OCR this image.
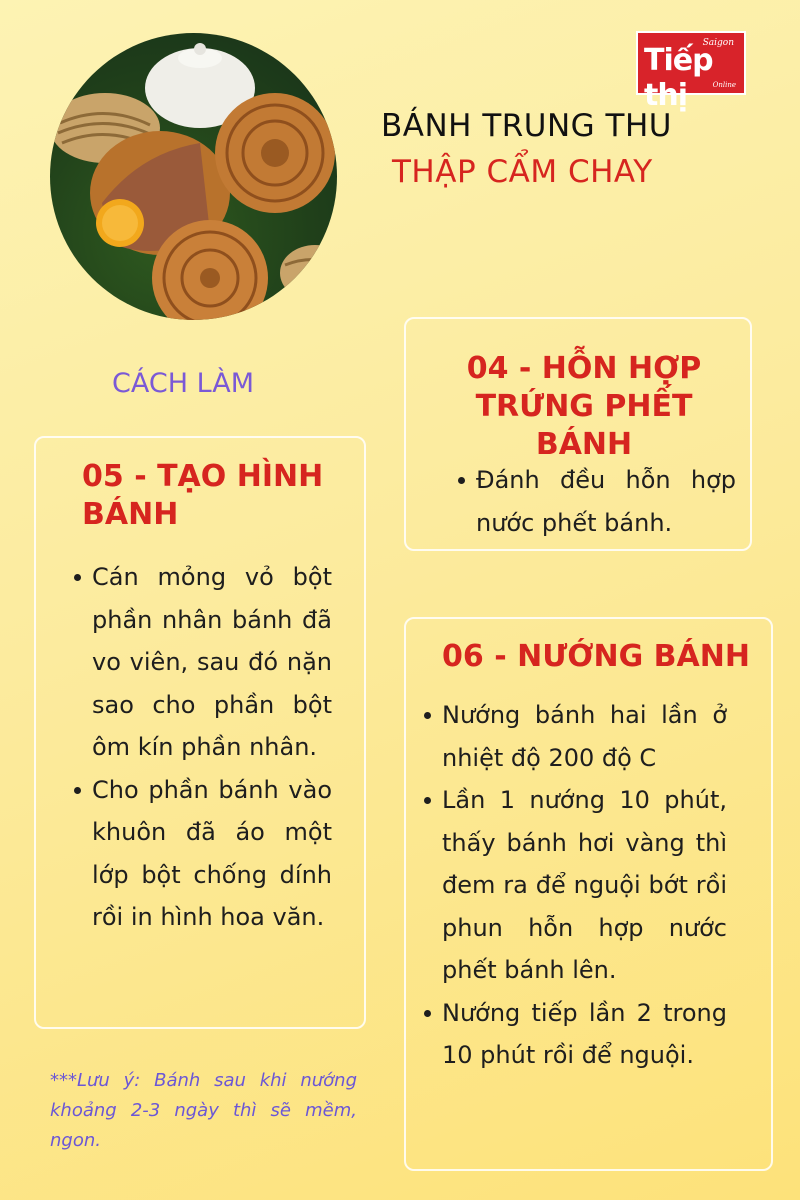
Saigon
Tiếp thị	Online
BÁNH TRUNG THU
THẬP CẨM CHAY
CÁCH LÀM
05 - TẠO HÌNH BÁNH
Cán mỏng vỏ bột phần nhân bánh đã vo viên, sau đó nặn sao cho phần bột ôm kín phần nhân.
Cho phần bánh vào khuôn đã áo một lớp bột chống dính rồi in hình hoa văn.
04 - HỖN HỢP TRỨNG PHẾT BÁNH
Đánh đều hỗn hợp nước phết bánh.
06 - NƯỚNG BÁNH
Nướng bánh hai lần ở nhiệt độ 200 độ C
Lần 1 nướng 10 phút, thấy bánh hơi vàng thì đem ra để nguội bớt rồi phun hỗn hợp nước phết bánh lên.
Nướng tiếp lần 2 trong 10 phút rồi để nguội.
***Lưu ý: Bánh sau khi nướng khoảng 2-3 ngày thì sẽ mềm, ngon.
